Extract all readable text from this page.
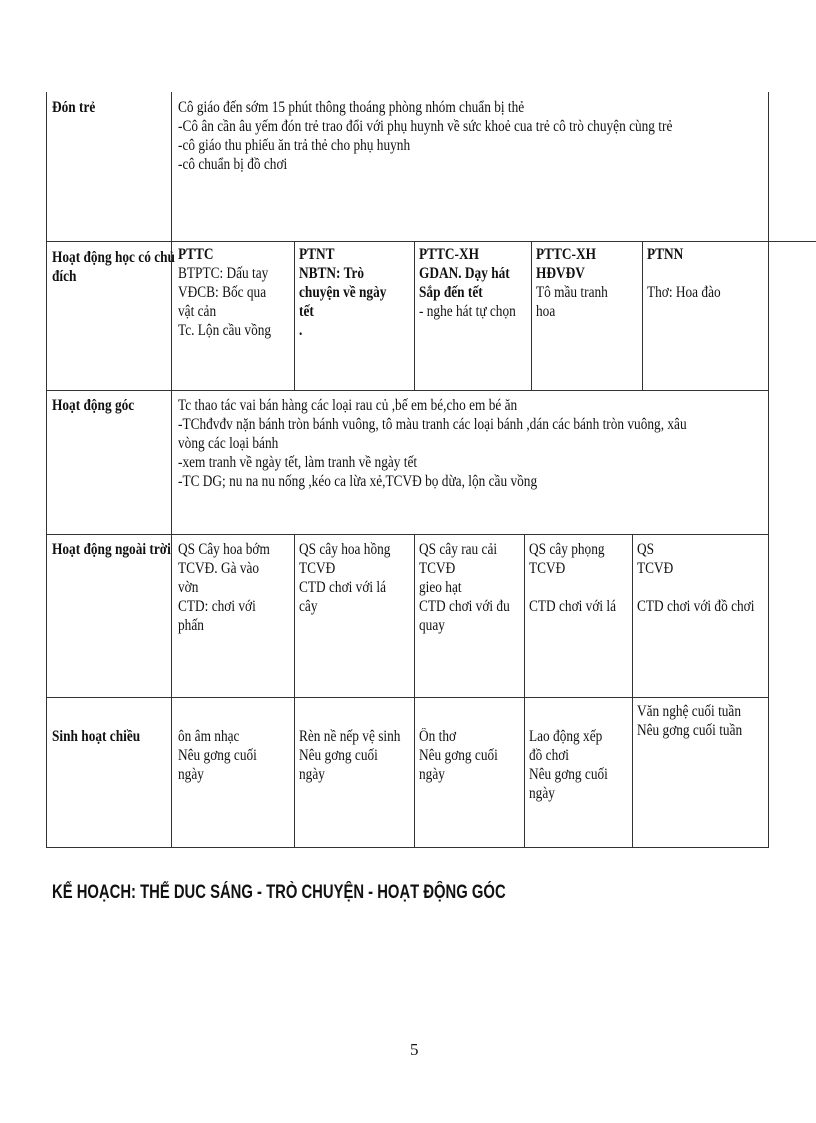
Đón trẻ	Cô giáo đến sớm 15 phút thông thoáng phòng nhóm chuẩn bị thẻ
-Cô ân cần âu yếm đón trẻ trao đổi với phụ huynh về sức khoẻ cua trẻ cô trò chuyện cùng trẻ
-cô giáo thu phiếu ăn trả thẻ cho phụ huynh
-cô chuẩn bị đồ chơi
Hoạt động học có chủ đích
PTTC
BTPTC: Dấu tay
VĐCB: Bốc qua
vật cản
Tc. Lộn cầu vồng
PTNT
NBTN: Trò
chuyện về ngày
tết
.
PTTC-XH
GDAN. Dạy hát
Sắp đến tết
- nghe hát tự chọn
PTTC-XH
HĐVĐV
Tô mầu tranh
hoa
PTNN

Thơ: Hoa đào
Hoạt động góc	Tc thao tác vai bán hàng các loại rau củ ,bế em bé,cho em bé ăn
-TChđvđv nặn bánh tròn bánh vuông, tô màu tranh các loại bánh ,dán các bánh tròn vuông, xâu
vòng các loại bánh
-xem tranh về ngày tết, làm tranh về ngày tết
-TC DG; nu na nu nống ,kéo ca lừa xẻ,TCVĐ bọ dừa, lộn cầu vồng
Hoạt động ngoài trời QS Cây hoa bớm
TCVĐ. Gà vào
vờn
CTD: chơi với
phấn
QS cây hoa hồng
TCVĐ
CTD chơi với lá
cây
QS cây rau cải
TCVĐ
gieo hạt
CTD chơi với đu
quay
QS cây phọng
TCVĐ

CTD chơi với lá
QS
TCVĐ

CTD chơi với đồ chơi
Sinh hoạt chiều ôn âm nhạc
Nêu gơng cuối
ngày
Rèn nề nếp vệ sinh
Nêu gơng cuối
ngày
Ôn thơ
Nêu gơng cuối
ngày
Lao động xếp
đồ chơi
Nêu gơng cuối
ngày
Văn nghệ cuối tuần
Nêu gơng cuối tuần
KẾ HOẠCH: THỂ DUC SÁNG - TRÒ CHUYỆN - HOẠT ĐỘNG GÓC
5
